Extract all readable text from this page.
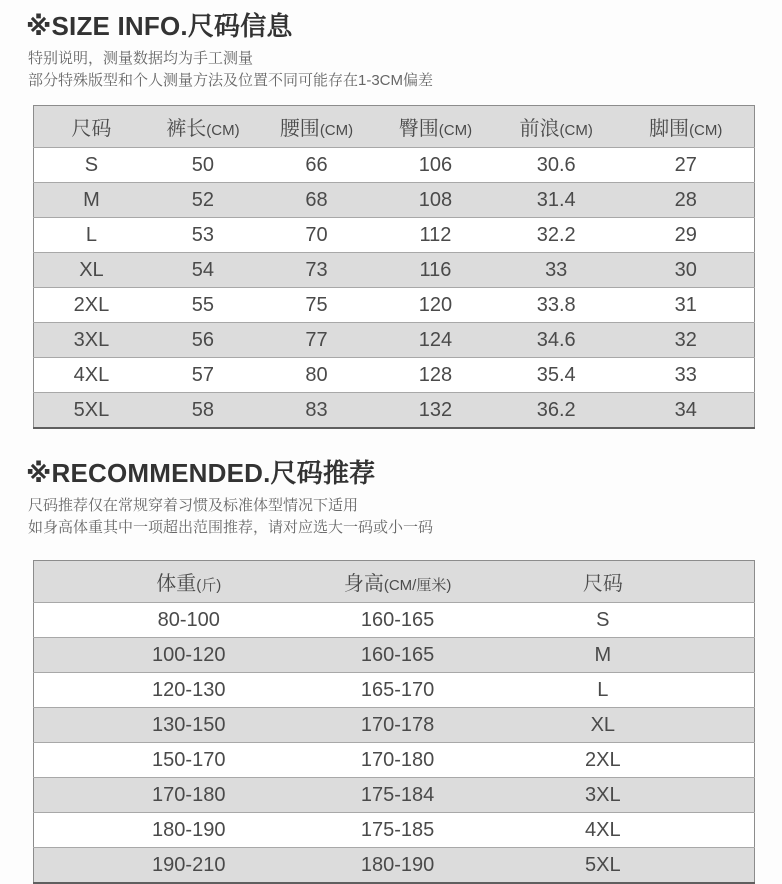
※SIZE INFO.尺码信息
特别说明，测量数据均为手工测量
部分特殊版型和个人测量方法及位置不同可能存在1-3CM偏差
尺码	裤长(CM)	腰围(CM)	臀围(CM)	前浪(CM)	脚围(CM)
S	50	66	106	30.6	27
M	52	68	108	31.4	28
L	53	70	112	32.2	29
XL	54	73	116	33	30
2XL	55	75	120	33.8	31
3XL	56	77	124	34.6	32
4XL	57	80	128	35.4	33
5XL	58	83	132	36.2	34
※RECOMMENDED.尺码推荐
尺码推荐仅在常规穿着习惯及标准体型情况下适用
如身高体重其中一项超出范围推荐，请对应选大一码或小一码
体重(斤)	身高(CM/厘米)	尺码
80-100	160-165	S
100-120	160-165	M
120-130	165-170	L
130-150	170-178	XL
150-170	170-180	2XL
170-180	175-184	3XL
180-190	175-185	4XL
190-210	180-190	5XL
